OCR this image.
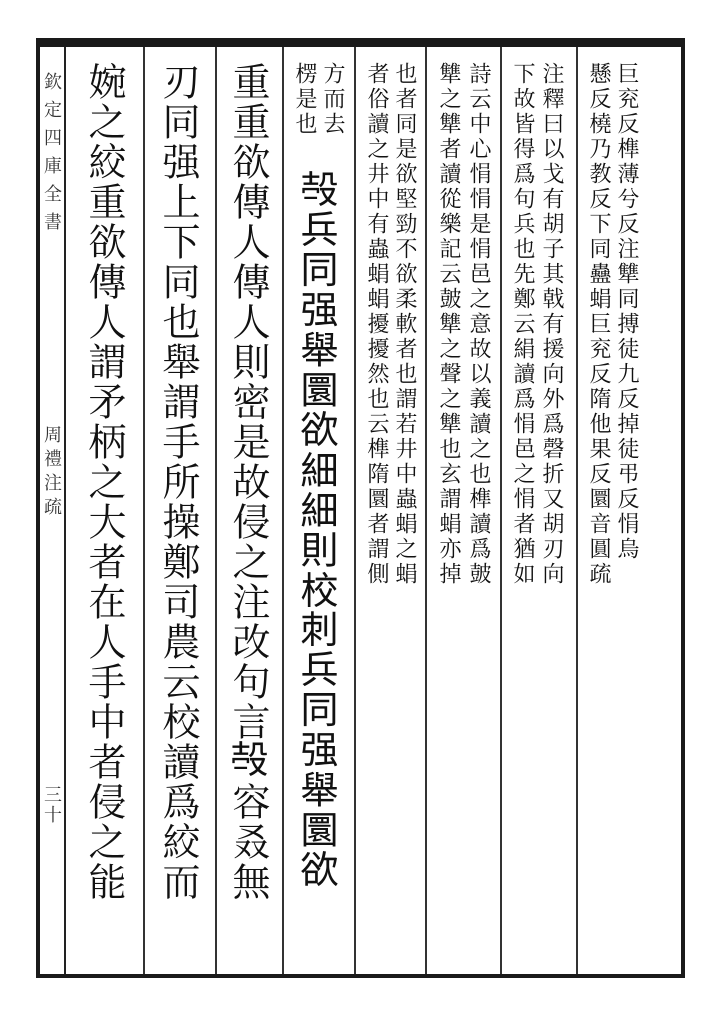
欽定四庫全書
周禮注疏
三十
巨兖反榫薄兮反注犨同搏徒九反掉徒弔反悁烏
懸反橈乃教反下同蠱蜎巨兖反隋他果反圜音圓疏
注釋曰以戈有胡子其戟有援向外爲磬折又胡刃向
下故皆得爲句兵也先鄭云絹讀爲悁邑之悁者猶如
詩云中心悁悁是悁邑之意故以義讀之也榫讀爲皷
犨之犨者讀從樂記云皷犨之聲之犨也玄謂蜎亦掉
也者同是欲堅勁不欲柔軟者也謂若井中蟲蜎之蜎
者俗讀之井中有蟲蜎蜎擾擾然也云榫隋圜者謂側
方而去
楞是也
𣪊兵同强舉圜欲細細則校刺兵同强舉圜欲
重重欲傳人傳人則密是故侵之注改句言𣪊容叒無
刃同强上下同也舉謂手所操鄭司農云校讀爲絞而
婉之絞重欲傳人謂矛柄之大者在人手中者侵之能
